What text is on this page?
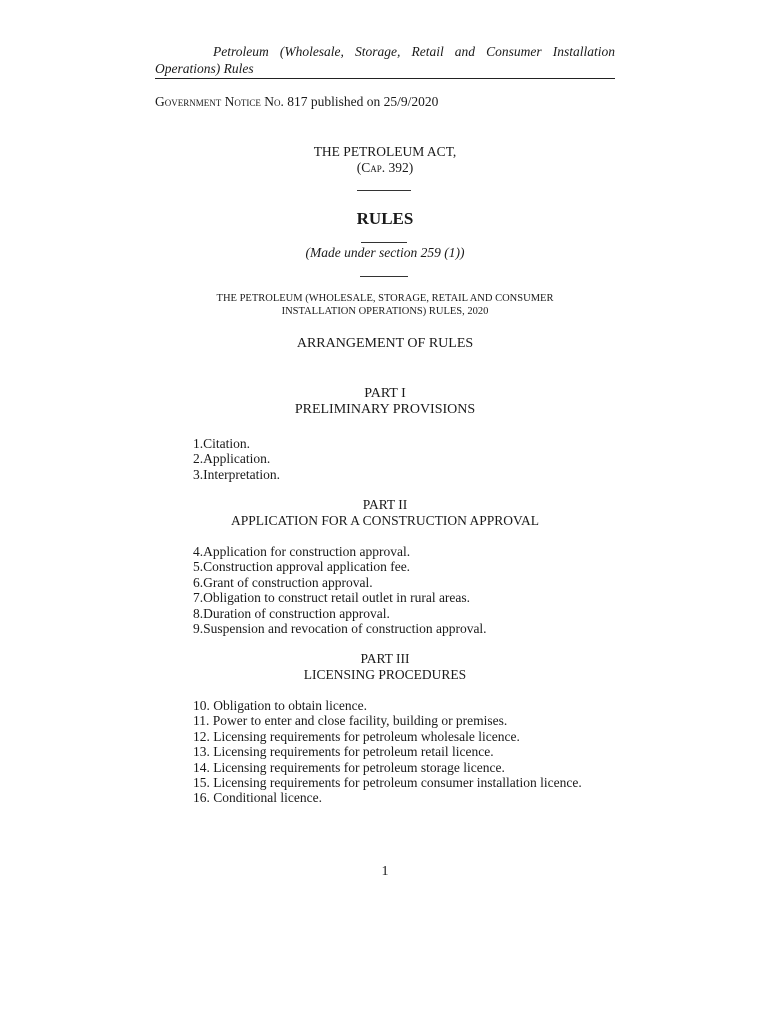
Petroleum (Wholesale, Storage, Retail and Consumer Installation
Operations) Rules
Government Notice No. 817 published on 25/9/2020
THE PETROLEUM ACT,
(Cap. 392)
RULES
(Made under section 259 (1))
THE PETROLEUM (WHOLESALE, STORAGE, RETAIL AND CONSUMER
INSTALLATION OPERATIONS) RULES, 2020
ARRANGEMENT OF RULES
PART I
PRELIMINARY PROVISIONS
1.Citation.
2.Application.
3.Interpretation.
PART II
APPLICATION FOR A CONSTRUCTION APPROVAL
4.Application for construction approval.
5.Construction approval application fee.
6.Grant of construction approval.
7.Obligation to construct retail outlet in rural areas.
8.Duration of construction approval.
9.Suspension and revocation of construction approval.
PART III
LICENSING PROCEDURES
10. Obligation to obtain licence.
11. Power to enter and close facility, building or premises.
12. Licensing requirements for petroleum wholesale licence.
13. Licensing requirements for petroleum retail licence.
14. Licensing requirements for petroleum storage licence.
15. Licensing requirements for petroleum consumer installation licence.
16. Conditional licence.
1
